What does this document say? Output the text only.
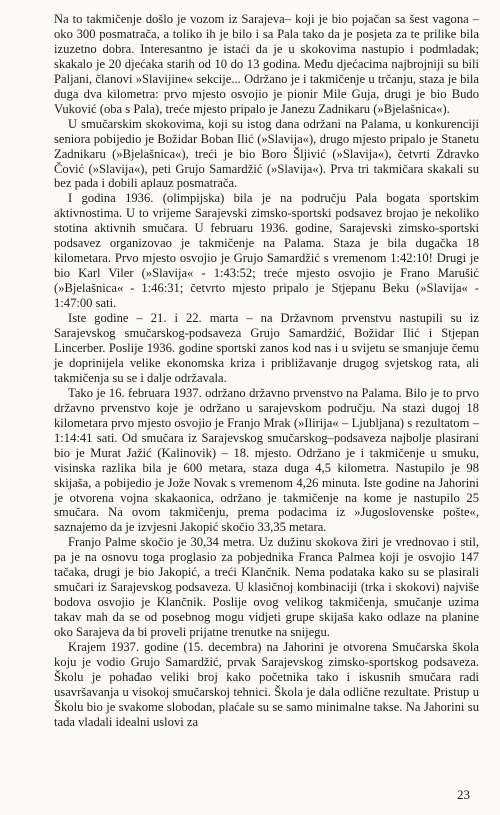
Na to takmičenje došlo je vozom iz Sarajeva– koji je bio pojačan sa šest vagona – oko 300 posmatrača, a toliko ih je bilo i sa Pala tako da je posjeta za te prilike bila izuzetno dobra. Interesantno je istaći da je u skokovima nastupio i podmladak; skakalo je 20 djećaka starih od 10 do 13 godina. Među djećacima najbrojniji su bili Paljani, članovi »Slavijine« sekcije... Održano je i takmičenje u trčanju, staza je bila duga dva kilometra: prvo mjesto osvojio je pionir Mile Guja, drugi je bio Budo Vuković (oba s Pala), treće mjesto pripalo je Janezu Zadnikaru (»Bjelašnica«).

U smučarskim skokovima, koji su istog dana održani na Palama, u konkurenciji seniora pobijedio je Božidar Boban Ilić (»Slavija«), drugo mjesto pripalo je Stanetu Zadnikaru (»Bjelašnica«), treći je bio Boro Šljivić (»Slavija«), četvrti Zdravko Čović (»Slavija«), peti Grujo Samardžić (»Slavija«). Prva tri takmičara skakali su bez pada i dobili aplauz posmatrača.

I godina 1936. (olimpijska) bila je na području Pala bogata sportskim aktivnostima. U to vrijeme Sarajevski zimsko-sportski podsavez brojao je nekoliko stotina aktivnih smučara. U februaru 1936. godine, Sarajevski zimsko-sportski podsavez organizovao je takmičenje na Palama. Staza je bila dugačka 18 kilometara. Prvo mjesto osvojio je Grujo Samardžić s vremenom 1:42:10! Drugi je bio Karl Viler (»Slavija« - 1:43:52; treće mjesto osvojio je Frano Marušić (»Bjelašnica« - 1:46:31; četvrto mjesto pripalo je Stjepanu Beku (»Slavija« - 1:47:00 sati.

Iste godine – 21. i 22. marta – na Državnom prvenstvu nastupili su iz Sarajevskog smučarskog-podsaveza Grujo Samardžić, Božidar Ilić i Stjepan Lincerber. Poslije 1936. godine sportski zanos kod nas i u svijetu se smanjuje čemu je doprinijela velike ekonomska kriza i približavanje drugog svjetskog rata, ali takmičenja su se i dalje održavala.

Tako je 16. februara 1937. održano državno prvenstvo na Palama. Bilo je to prvo državno prvenstvo koje je održano u sarajevskom području. Na stazi dugoj 18 kilometara prvo mjesto osvojio je Franjo Mrak (»Ilirija« – Ljubljana) s rezultatom – 1:14:41 sati. Od smučara iz Sarajevskog smučarskog–podsaveza najbolje plasirani bio je Murat Jažić (Kalinovik) – 18. mjesto. Održano je i takmičenje u smuku, visinska razlika bila je 600 metara, staza duga 4,5 kilometra. Nastupilo je 98 skijaša, a pobijedio je Jože Novak s vremenom 4,26 minuta. Iste godine na Jahorini je otvorena vojna skakaonica, održano je takmičenje na kome je nastupilo 25 smučara. Na ovom takmičenju, prema podacima iz »Jugoslovenske pošte«, saznajemo da je izvjesni Jakopić skočio 33,35 metara.

Franjo Palme skočio je 30,34 metra. Uz dužinu skokova žiri je vrednovao i stil, pa je na osnovu toga proglasio za pobjednika Franca Palmea koji je osvojio 147 tačaka, drugi je bio Jakopić, a treći Klančnik. Nema podataka kako su se plasirali smučari iz Sarajevskog podsaveza. U klasičnoj kombinaciji (trka i skokovi) najviše bodova osvojio je Klančnik. Poslije ovog velikog takmičenja, smučanje uzima takav mah da se od posebnog mogu vidjeti grupe skijaša kako odlaze na planine oko Sarajeva da bi proveli prijatne trenutke na snijegu.

Krajem 1937. godine (15. decembra) na Jahorini je otvorena Smučarska škola koju je vodio Grujo Samardžić, prvak Sarajevskog zimsko-sportskog podsaveza. Školu je pohađao veliki broj kako početnika tako i iskusnih smučara radi usavršavanja u visokoj smučarskoj tehnici. Škola je dala odlične rezultate. Pristup u Školu bio je svakome slobodan, plaćale su se samo minimalne takse. Na Jahorini su tada vladali idealni uslovi za

23
